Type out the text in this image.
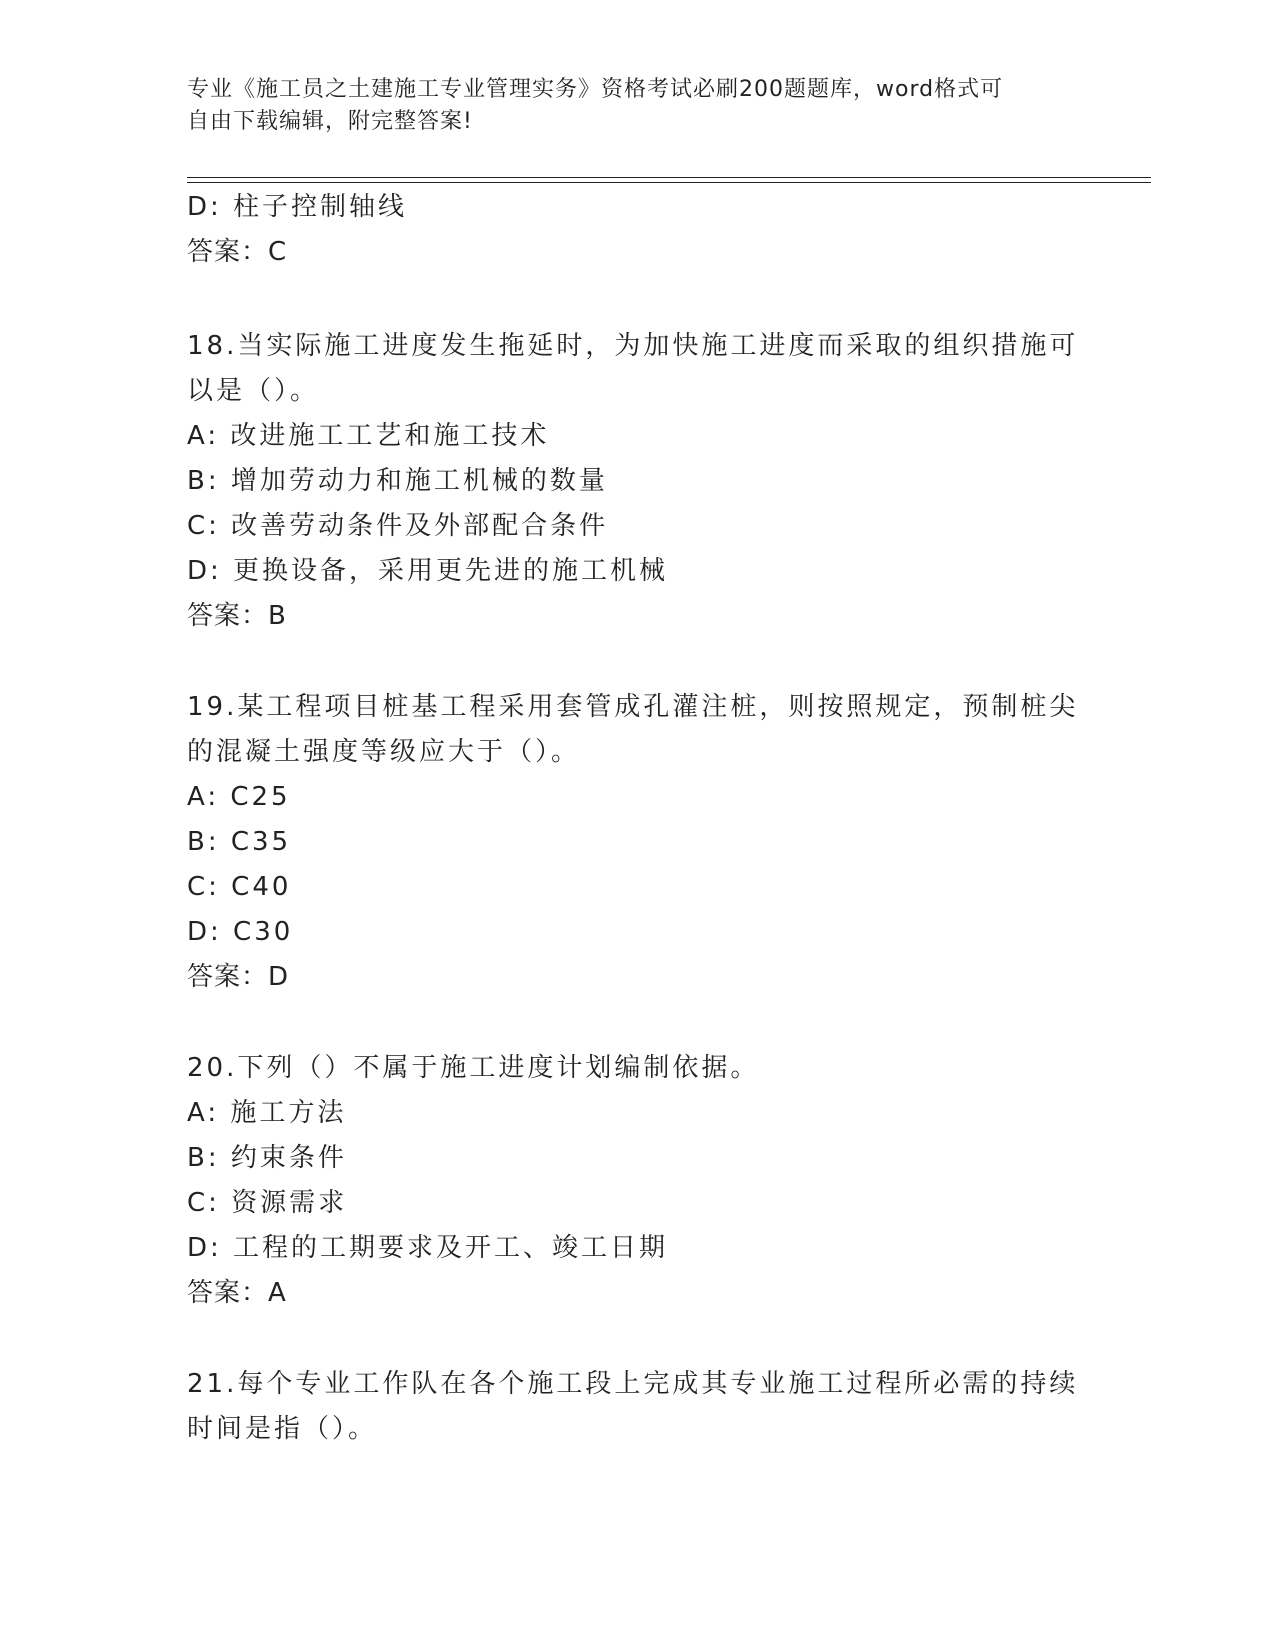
专业《施工员之土建施工专业管理实务》资格考试必刷200题题库，word格式可
自由下载编辑，附完整答案!
D: 柱子控制轴线
答案：C
18.当实际施工进度发生拖延时，为加快施工进度而采取的组织措施可
以是（）。
A: 改进施工工艺和施工技术
B: 增加劳动力和施工机械的数量
C: 改善劳动条件及外部配合条件
D: 更换设备，采用更先进的施工机械
答案：B
19.某工程项目桩基工程采用套管成孔灌注桩，则按照规定，预制桩尖
的混凝土强度等级应大于（）。
A: C25
B: C35
C: C40
D: C30
答案：D
20.下列（）不属于施工进度计划编制依据。
A: 施工方法
B: 约束条件
C: 资源需求
D: 工程的工期要求及开工、竣工日期
答案：A
21.每个专业工作队在各个施工段上完成其专业施工过程所必需的持续
时间是指（）。
